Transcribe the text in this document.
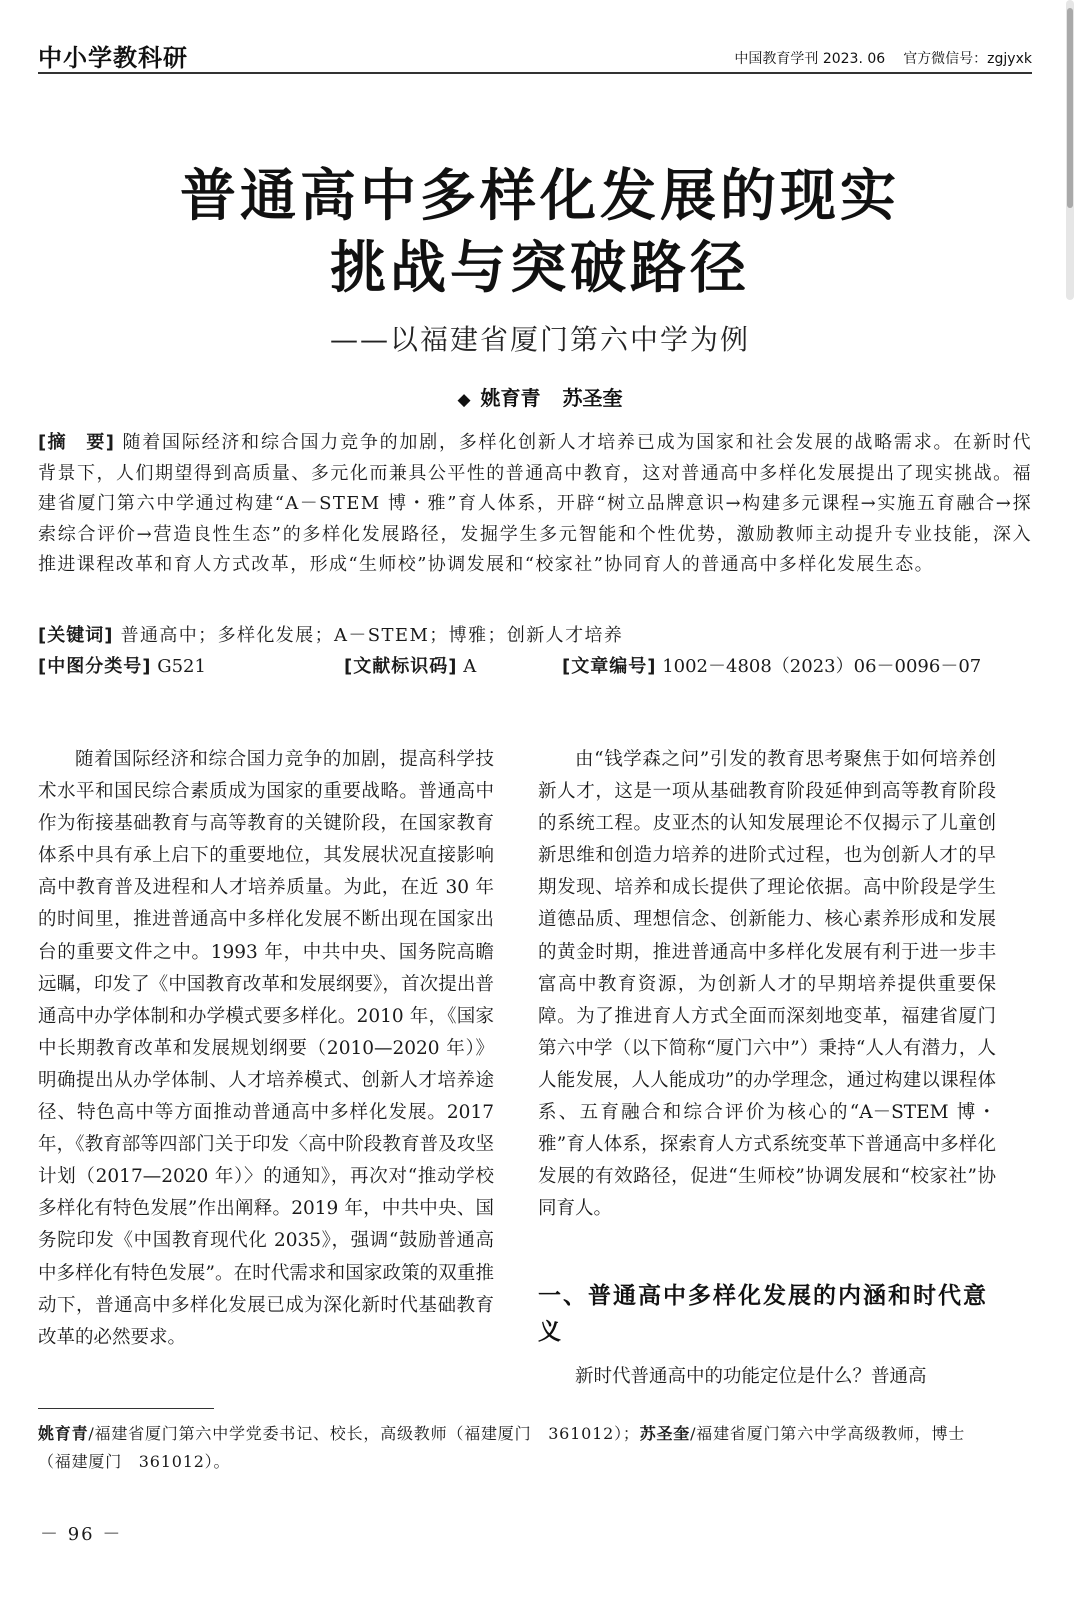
中小学教科研	中国教育学刊 2023. 06 官方微信号：zgjyxk
普通高中多样化发展的现实
挑战与突破路径
——以福建省厦门第六中学为例
◆ 姚育青 苏圣奎

[摘　要] 随着国际经济和综合国力竞争的加剧，多样化创新人才培养已成为国家和社会发展的战略需求。在新时代背景下，人们期望得到高质量、多元化而兼具公平性的普通高中教育，这对普通高中多样化发展提出了现实挑战。福建省厦门第六中学通过构建“A－STEM 博・雅”育人体系，开辟“树立品牌意识→构建多元课程→实施五育融合→探索综合评价→营造良性生态”的多样化发展路径，发掘学生多元智能和个性优势，激励教师主动提升专业技能，深入推进课程改革和育人方式改革，形成“生师校”协调发展和“校家社”协同育人的普通高中多样化发展生态。

[关键词] 普通高中；多样化发展；A－STEM；博雅；创新人才培养

[中图分类号] G521	[文献标识码] A	[文章编号] 1002－4808（2023）06－0096－07

随着国际经济和综合国力竞争的加剧，提高科学技术水平和国民综合素质成为国家的重要战略。普通高中作为衔接基础教育与高等教育的关键阶段，在国家教育体系中具有承上启下的重要地位，其发展状况直接影响高中教育普及进程和人才培养质量。为此，在近 30 年的时间里，推进普通高中多样化发展不断出现在国家出台的重要文件之中。1993 年，中共中央、国务院高瞻远瞩，印发了《中国教育改革和发展纲要》，首次提出普通高中办学体制和办学模式要多样化。2010 年，《国家中长期教育改革和发展规划纲要（2010—2020 年）》明确提出从办学体制、人才培养模式、创新人才培养途径、特色高中等方面推动普通高中多样化发展。2017 年，《教育部等四部门关于印发〈高中阶段教育普及攻坚计划（2017—2020 年）〉的通知》，再次对“推动学校多样化有特色发展”作出阐释。2019 年，中共中央、国务院印发《中国教育现代化 2035》，强调“鼓励普通高中多样化有特色发展”。在时代需求和国家政策的双重推动下，普通高中多样化发展已成为深化新时代基础教育改革的必然要求。

由“钱学森之问”引发的教育思考聚焦于如何培养创新人才，这是一项从基础教育阶段延伸到高等教育阶段的系统工程。皮亚杰的认知发展理论不仅揭示了儿童创新思维和创造力培养的进阶式过程，也为创新人才的早期发现、培养和成长提供了理论依据。高中阶段是学生道德品质、理想信念、创新能力、核心素养形成和发展的黄金时期，推进普通高中多样化发展有利于进一步丰富高中教育资源，为创新人才的早期培养提供重要保障。为了推进育人方式全面而深刻地变革，福建省厦门第六中学（以下简称“厦门六中”）秉持“人人有潜力，人人能发展，人人能成功”的办学理念，通过构建以课程体系、五育融合和综合评价为核心的“A－STEM 博・雅”育人体系，探索育人方式系统变革下普通高中多样化发展的有效路径，促进“生师校”协调发展和“校家社”协同育人。

一、普通高中多样化发展的内涵和时代意义

新时代普通高中的功能定位是什么？普通高

姚育青/福建省厦门第六中学党委书记、校长，高级教师（福建厦门　361012）；苏圣奎/福建省厦门第六中学高级教师，博士（福建厦门　361012）。

－ 96 －
